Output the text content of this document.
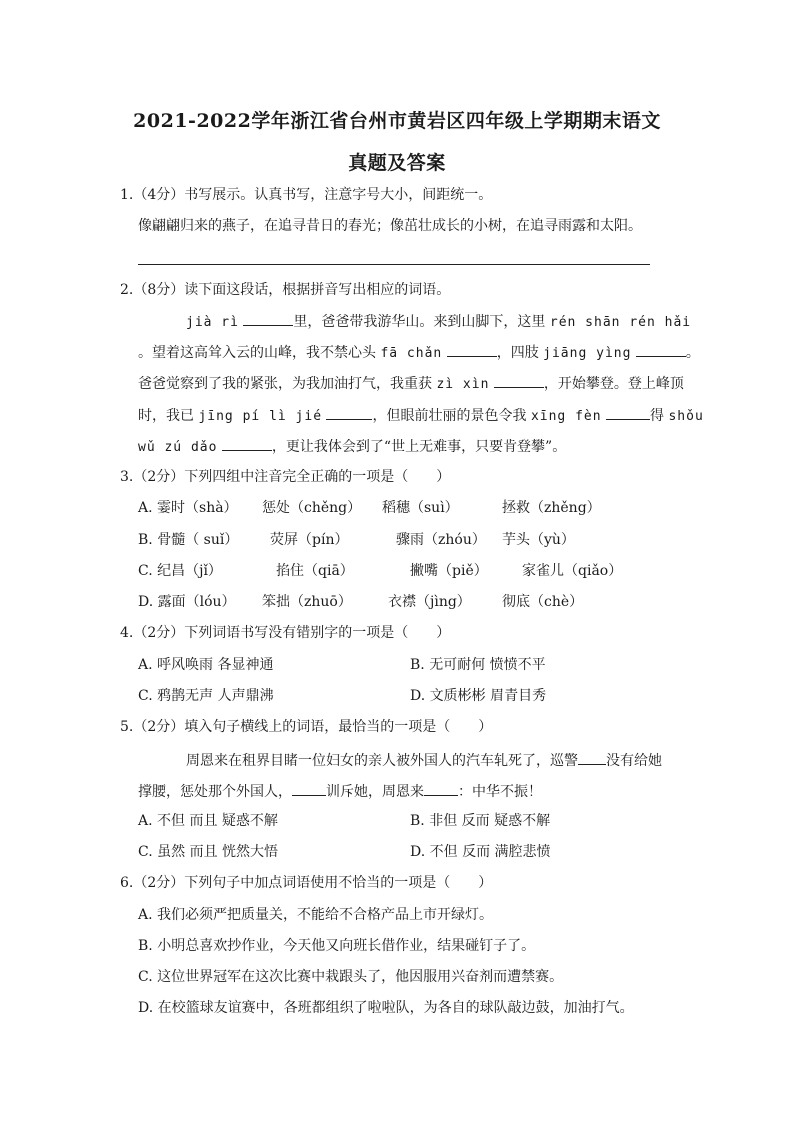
2021-2022学年浙江省台州市黄岩区四年级上学期期末语文
真题及答案
1.（4分）书写展示。认真书写，注意字号大小，间距统一。
像翩翩归来的燕子，在追寻昔日的春光；像茁壮成长的小树，在追寻雨露和太阳。
2.（8分）读下面这段话，根据拼音写出相应的词语。
jià rì	里，爸爸带我游华山。来到山脚下，这里 rén shān rén hǎi
。望着这高耸入云的山峰，我不禁心头 fā chǎn	，四肢 jiāng yìng	。
爸爸觉察到了我的紧张，为我加油打气，我重获 zì xìn	，开始攀登。登上峰顶
时，我已 jīng pí lì jié	，但眼前壮丽的景色令我 xīng fèn	得 shǒu
wǔ zú dǎo	，更让我体会到了“世上无难事，只要肯登攀”。
3.（2分）下列四组中注音完全正确的一项是（　　）
A. 霎时（shà） 惩处（chěng） 稻穗（suì）	拯救（zhěng）
B. 骨髓（ suǐ） 荧屏（pín）	骤雨（zhóu） 芋头（yù）
C. 纪昌（jǐ）	掐住（qiā）	撇嘴（piě） 家雀儿（qiǎo）
D. 露面（lóu） 笨拙（zhuō）	衣襟（jìng） 彻底（chè）
4.（2分）下列词语书写没有错别字的一项是（　　）
A. 呼风唤雨 各显神通	B. 无可耐何 愤愤不平
C. 鸦鹊无声 人声鼎沸	D. 文质彬彬 眉青目秀
5.（2分）填入句子横线上的词语，最恰当的一项是（　　）
周恩来在租界目睹一位妇女的亲人被外国人的汽车轧死了，巡警 没有给她
撑腰，惩处那个外国人， 训斥她，周恩来 ：中华不振！
A. 不但 而且 疑惑不解	B. 非但 反而 疑惑不解
C. 虽然 而且 恍然大悟	D. 不但 反而 满腔悲愤
6.（2分）下列句子中加点词语使用不恰当的一项是（　　）
A. 我们必须严把质量关，不能给不合格产品上市开绿灯。
B. 小明总喜欢抄作业，今天他又向班长借作业，结果碰钉子了。
C. 这位世界冠军在这次比赛中栽跟头了，他因服用兴奋剂而遭禁赛。
D. 在校篮球友谊赛中，各班都组织了啦啦队，为各自的球队敲边鼓，加油打气。
